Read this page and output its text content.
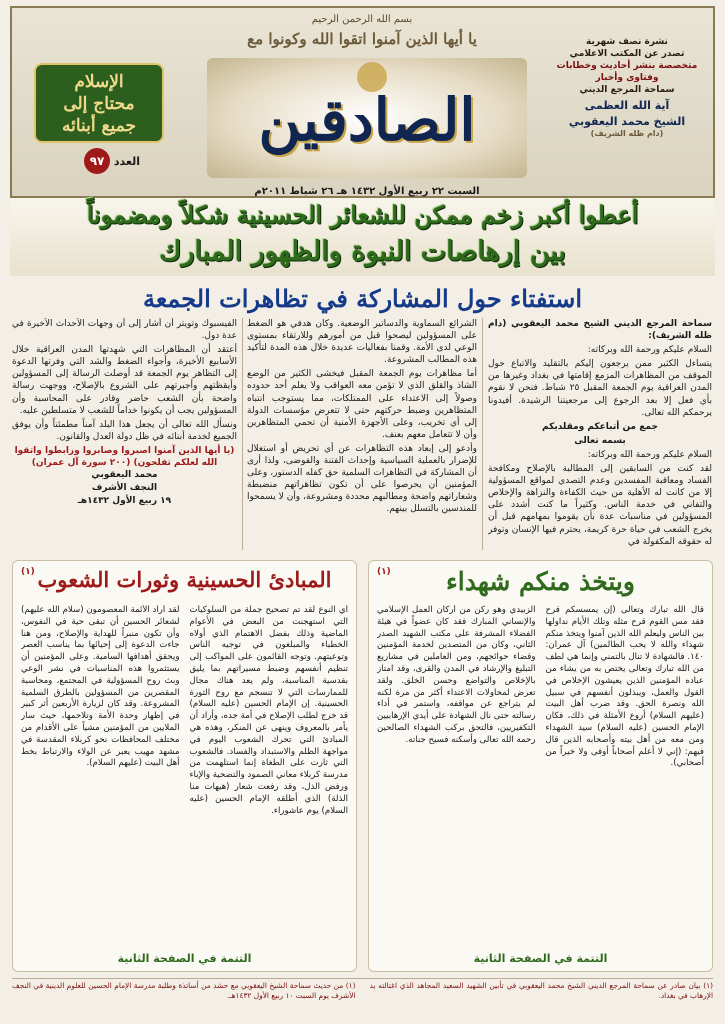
بسم الله الرحمن الرحيم
يا أيها الذين آمنوا اتقوا الله وكونوا مع
الصادقين
الإسلام
محتاج إلى
جميع أبنائه
العدد ٩٧
السبت ٢٢ ربيع الأول ١٤٣٢ هـ ٢٦ شباط ٢٠١١م
نشرة نصف شهرية
تصدر عن المكتب الاعلامي
متخصصة بنشر أحاديث وخطابات
وفتاوى وأخبار
سماحة المرجع الديني
آية الله العظمى
الشيخ محمد اليعقوبي
(دام ظله الشريف)
أعطوا أكبر زخم ممكن للشعائر الحسينية شكلاً ومضموناً
بين إرهاصات النبوة والظهور المبارك
استفتاء حول المشاركة في تظاهرات الجمعة

سماحة المرجع الديني الشيخ محمد اليعقوبي (دام ظله الشريف):

السلام عليكم ورحمة الله وبركاته:

يتساءل الكثير ممن يرجعون إليكم بالتقليد والاتباع حول الموقف من المظاهرات المزمع إقامتها في بغداد وغيرها من المدن العراقية يوم الجمعة المقبل ٢٥ شباط. فنحن لا نقوم بأي فعل إلا بعد الرجوع إلى مرجعيتنا الرشيدة. أفيدونا يرحمكم الله تعالى.

جمع من أتباعكم ومقلديكم

بسمه تعالى

السلام عليكم ورحمة الله وبركاته:

لقد كنت من السابقين إلى المطالبة بالإصلاح ومكافحة الفساد ومعاقبة المفسدين وعدم التصدي لمواقع المسؤولية إلا من كانت له الأهلية من حيث الكفاءة والنزاهة والإخلاص والتفاني في خدمة الناس. وكثيراً ما كنت أشدد على المسؤولين في مناسبات عدة بأن يقوموا بمهامهم قبل أن يخرج الشعب في حياة حرة كريمة، يحترم فيها الإنسان وتوفر له حقوقه المكفولة في

الشرائع السماوية والدساتير الوضعية. وكان هدفي هو الضغط على المسؤولين ليصحوا قبل من أمورهم وللارتقاء بمستوى الوعي لدى الأمة. وقمنا بفعاليات عديدة خلال هذه المدة لتأكيد هذه المطالب المشروعة.

أما مظاهرات يوم الجمعة المقبل فيخشى الكثير من الوضع الشاذ والقلق الذي لا تؤمن معه العواقب ولا يعلم أحد حدوده وصولاً إلى الاعتداء على الممتلكات، مما يستوجب انتباه المتظاهرين وضبط حركتهم حتى لا تتعرض مؤسسات الدولة إلى أي تخريب، وعلى الأجهزة الأمنية أن تحمي المتظاهرين وأن لا تتعامل معهم بعنف.

وأدعو إلى إبعاد هذه التظاهرات عن أي تحريض أو استغلال للإضرار بالعملية السياسية وإحداث الفتنة والفوضى، ولذا أرى أن المشاركة في التظاهرات السلمية حق كفله الدستور، وعلى المؤمنين أن يحرصوا على أن تكون تظاهراتهم منضبطة وشعاراتهم واضحة ومطالبهم محددة ومشروعة، وأن لا يسمحوا للمندسين بالتسلل بينهم.

الفيسبوك وتويتر أن أشار إلى أن وجهات الأحداث الأخيرة في عدة دول.

أعتقد أن المظاهرات التي شهدتها المدن العراقية خلال الأسابيع الأخيرة، وأجواء الضغط والشد التي وفرتها الدعوة إلى التظاهر يوم الجمعة قد أوصلت الرسالة إلى المسؤولين وأيقظتهم وأجبرتهم على الشروع بالإصلاح، ووجهت رسالة واضحة بأن الشعب حاضر وقادر على المحاسبة وأن المسؤولين يجب أن يكونوا خداماً للشعب لا متسلطين عليه.

ونسأل الله تعالى أن يجعل هذا البلد آمناً مطمئناً وأن يوفق الجميع لخدمة أبنائه في ظل دولة العدل والقانون.

(يا أيها الذين آمنوا اصبروا وصابروا ورابطوا واتقوا الله لعلكم تفلحون) (٢٠٠ سورة آل عمران)
محمد اليعقوبي
النجف الأشرف
١٩ ربيع الأول ١٤٣٢هـ
المبادئ الحسينية وثورات الشعوب
(١)
أي النوع لقد تم تصحيح جملة من السلوكيات التي استهجنت من البعض في الأعوام الماضية وذلك بفضل الاهتمام الذي أولاه الخطباء والمبلغون في توجيه الناس وتوعيتهم. وتوجه القائمون على المواكب إلى تنظيم أنفسهم وضبط مسيراتهم بما يليق بقدسية المناسبة، ولم يعد هناك مجال للممارسات التي لا تنسجم مع روح الثورة الحسينية. إن الإمام الحسين (عليه السلام) قد خرج لطلب الإصلاح في أمة جده، وأراد أن يأمر بالمعروف وينهى عن المنكر، وهذه هي المبادئ التي تحرك الشعوب اليوم في مواجهة الظلم والاستبداد والفساد. فالشعوب التي ثارت على الطغاة إنما استلهمت من مدرسة كربلاء معاني الصمود والتضحية والإباء ورفض الذل، وقد رفعت شعار (هيهات منا الذلة) الذي أطلقه الإمام الحسين (عليه السلام) يوم عاشوراء.
لقد أراد الأئمة المعصومون (سلام الله عليهم) لشعائر الحسين أن تبقى حية في النفوس، وأن تكون منبراً للهداية والإصلاح، ومن هنا جاءت الدعوة إلى إحيائها بما يناسب العصر ويحقق أهدافها السامية. وعلى المؤمنين أن يستثمروا هذه المناسبات في نشر الوعي وبث روح المسؤولية في المجتمع، ومحاسبة المقصرين من المسؤولين بالطرق السلمية المشروعة. وقد كان لزيارة الأربعين أثر كبير في إظهار وحدة الأمة وتلاحمها، حيث سار الملايين من المؤمنين مشياً على الأقدام من مختلف المحافظات نحو كربلاء المقدسة في مشهد مهيب يعبر عن الولاء والارتباط بخط أهل البيت (عليهم السلام).
التتمة في الصفحة الثانية
ويتخذ منكم شهداء
(١)
قال الله تبارك وتعالى (إن يمسسكم قرح فقد مس القوم قرح مثله وتلك الأيام نداولها بين الناس وليعلم الله الذين آمنوا ويتخذ منكم شهداء والله لا يحب الظالمين) آل عمران: ١٤٠. فالشهادة لا تنال بالتمني وإنما هي لطف من الله تبارك وتعالى يختص به من يشاء من عباده المؤمنين الذين يعيشون الإخلاص في القول والعمل، ويبذلون أنفسهم في سبيل الله ونصرة الحق. وقد ضرب أهل البيت (عليهم السلام) أروع الأمثلة في ذلك، فكان الإمام الحسين (عليه السلام) سيد الشهداء ومن معه من أهل بيته وأصحابه الذين قال فيهم: (إني لا أعلم أصحاباً أوفى ولا خيراً من أصحابي).
الزبيدي وهو ركن من أركان العمل الإسلامي والإنساني المبارك فقد كان عضواً في هيئة الفضلاء المشرفة على مكتب الشهيد الصدر الثاني، وكان من المتصدين لخدمة المؤمنين وقضاء حوائجهم، ومن العاملين في مشاريع التبليغ والإرشاد في المدن والقرى، وقد امتاز بالإخلاص والتواضع وحسن الخلق. ولقد تعرض لمحاولات الاعتداء أكثر من مرة لكنه لم يتراجع عن مواقفه، واستمر في أداء رسالته حتى نال الشهادة على أيدي الإرهابيين التكفيريين، فالتحق بركب الشهداء الصالحين رحمه الله تعالى وأسكنه فسيح جناته.
التتمة في الصفحة الثانية
(١) بيان صادر عن سماحة المرجع الديني الشيخ محمد اليعقوبي في تأبين الشهيد السعيد المجاهد الذي اغتالته يد الإرهاب في بغداد.
(١) من حديث سماحة الشيخ اليعقوبي مع حشد من أساتذة وطلبة مدرسة الإمام الحسين للعلوم الدينية في النجف الأشرف يوم السبت ١٠ ربيع الأول ١٤٣٢هـ.
